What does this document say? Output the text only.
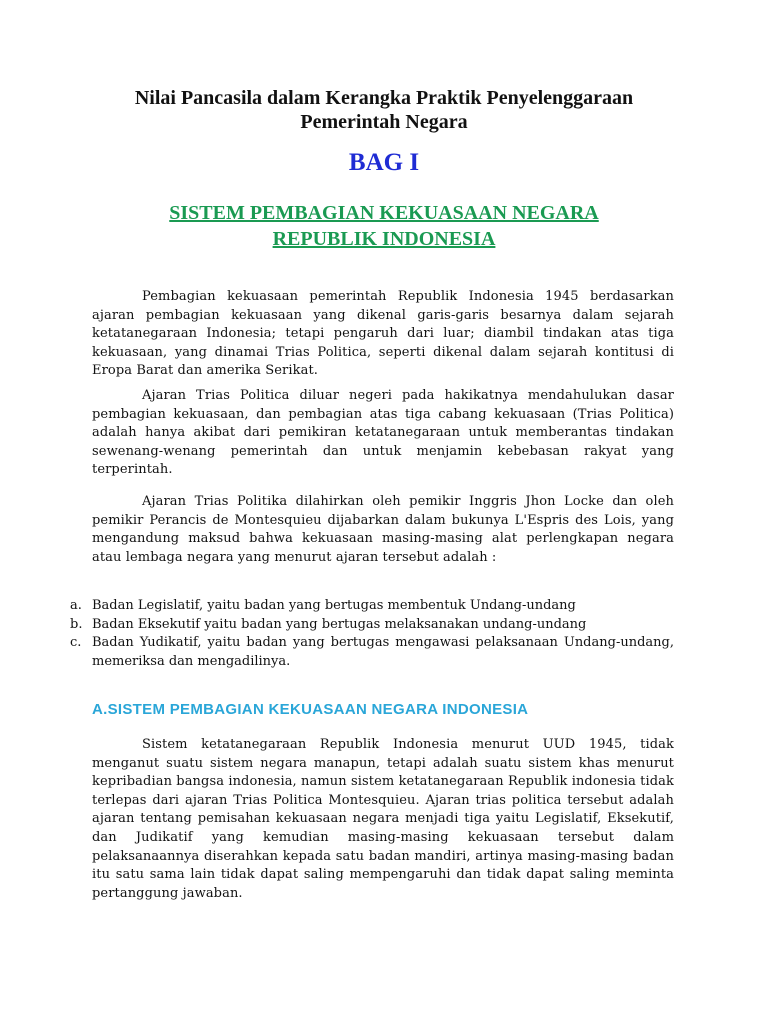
Nilai Pancasila dalam Kerangka Praktik Penyelenggaraan
Pemerintah Negara
BAG I
SISTEM PEMBAGIAN KEKUASAAN NEGARA
REPUBLIK INDONESIA

Pembagian kekuasaan pemerintah Republik Indonesia 1945 berdasarkan ajaran pembagian kekuasaan yang dikenal garis-garis besarnya dalam sejarah ketatanegaraan Indonesia; tetapi pengaruh dari luar; diambil tindakan atas tiga kekuasaan, yang dinamai Trias Politica, seperti dikenal dalam sejarah kontitusi di Eropa Barat dan amerika Serikat.

Ajaran Trias Politica diluar negeri pada hakikatnya mendahulukan dasar pembagian kekuasaan, dan pembagian atas tiga cabang kekuasaan (Trias Politica) adalah hanya akibat dari pemikiran ketatanegaraan untuk memberantas tindakan sewenang-wenang pemerintah dan untuk menjamin kebebasan rakyat yang terperintah.

Ajaran Trias Politika dilahirkan oleh pemikir Inggris Jhon Locke dan oleh pemikir Perancis de Montesquieu dijabarkan dalam bukunya L'Espris des Lois, yang mengandung maksud bahwa kekuasaan masing-masing alat perlengkapan negara atau lembaga negara yang menurut ajaran tersebut adalah :

a. Badan Legislatif, yaitu badan yang bertugas membentuk Undang-undang
b. Badan Eksekutif yaitu badan yang bertugas melaksanakan undang-undang
c. Badan Yudikatif, yaitu badan yang bertugas mengawasi pelaksanaan Undang-undang, memeriksa dan mengadilinya.
A.SISTEM PEMBAGIAN KEKUASAAN NEGARA INDONESIA

Sistem ketatanegaraan Republik Indonesia menurut UUD 1945, tidak menganut suatu sistem negara manapun, tetapi adalah suatu sistem khas menurut kepribadian bangsa indonesia, namun sistem ketatanegaraan Republik indonesia tidak terlepas dari ajaran Trias Politica Montesquieu. Ajaran trias politica tersebut adalah ajaran tentang pemisahan kekuasaan negara menjadi tiga yaitu Legislatif, Eksekutif, dan Judikatif yang kemudian masing-masing kekuasaan tersebut dalam pelaksanaannya diserahkan kepada satu badan mandiri, artinya masing-masing badan itu satu sama lain tidak dapat saling mempengaruhi dan tidak dapat saling meminta pertanggung jawaban.
